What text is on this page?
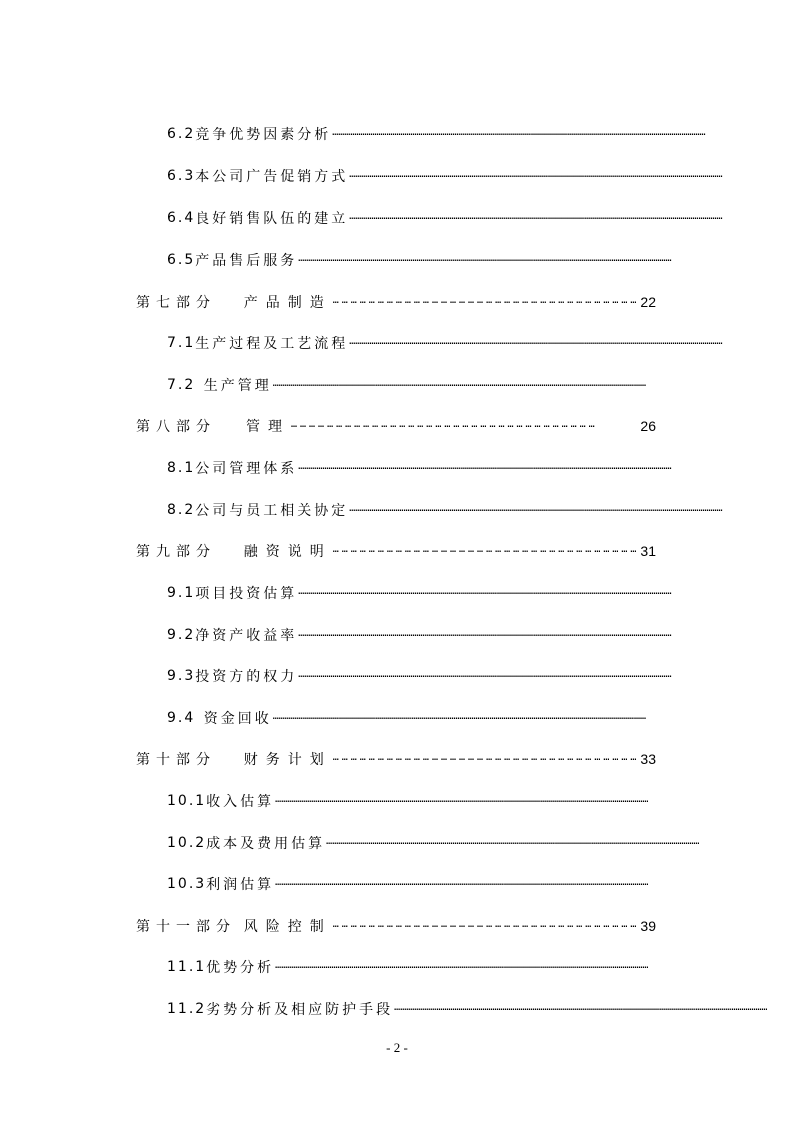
6.2 竞争优势因素分析 ……………………………………………………………………………………………………………………………………………………………………
6.3 本公司广告促销方式 ……………………………………………………………………………………………………………………………………………………………………
6.4 良好销售队伍的建立 ……………………………………………………………………………………………………………………………………………………………………
6.5 产品售后服务 ……………………………………………………………………………………………………………………………………………………………………
第七部分	产品制造 ………………………………………………………………………………………… 22
7.1 生产过程及工艺流程 ……………………………………………………………………………………………………………………………………………………………………
7.2 生产管理 ……………………………………………………………………………………………………………………………………………………………………
第八部分	管理 …………………………………………………………………………………………	26
8.1 公司管理体系 ……………………………………………………………………………………………………………………………………………………………………
8.2 公司与员工相关协定 ……………………………………………………………………………………………………………………………………………………………………
第九部分	融资说明 ………………………………………………………………………………………… 31
9.1 项目投资估算 ……………………………………………………………………………………………………………………………………………………………………
9.2 净资产收益率 ……………………………………………………………………………………………………………………………………………………………………
9.3 投资方的权力 ……………………………………………………………………………………………………………………………………………………………………
9.4 资金回收 ……………………………………………………………………………………………………………………………………………………………………
第十部分	财务计划 ………………………………………………………………………………………… 33
10.1 收入估算 ……………………………………………………………………………………………………………………………………………………………………
10.2 成本及费用估算 ……………………………………………………………………………………………………………………………………………………………………
10.3 利润估算 ……………………………………………………………………………………………………………………………………………………………………
第十一部分 风险控制 ………………………………………………………………………………………… 39
11.1 优势分析 ……………………………………………………………………………………………………………………………………………………………………
11.2 劣势分析及相应防护手段 ……………………………………………………………………………………………………………………………………………………………………
- 2 -
